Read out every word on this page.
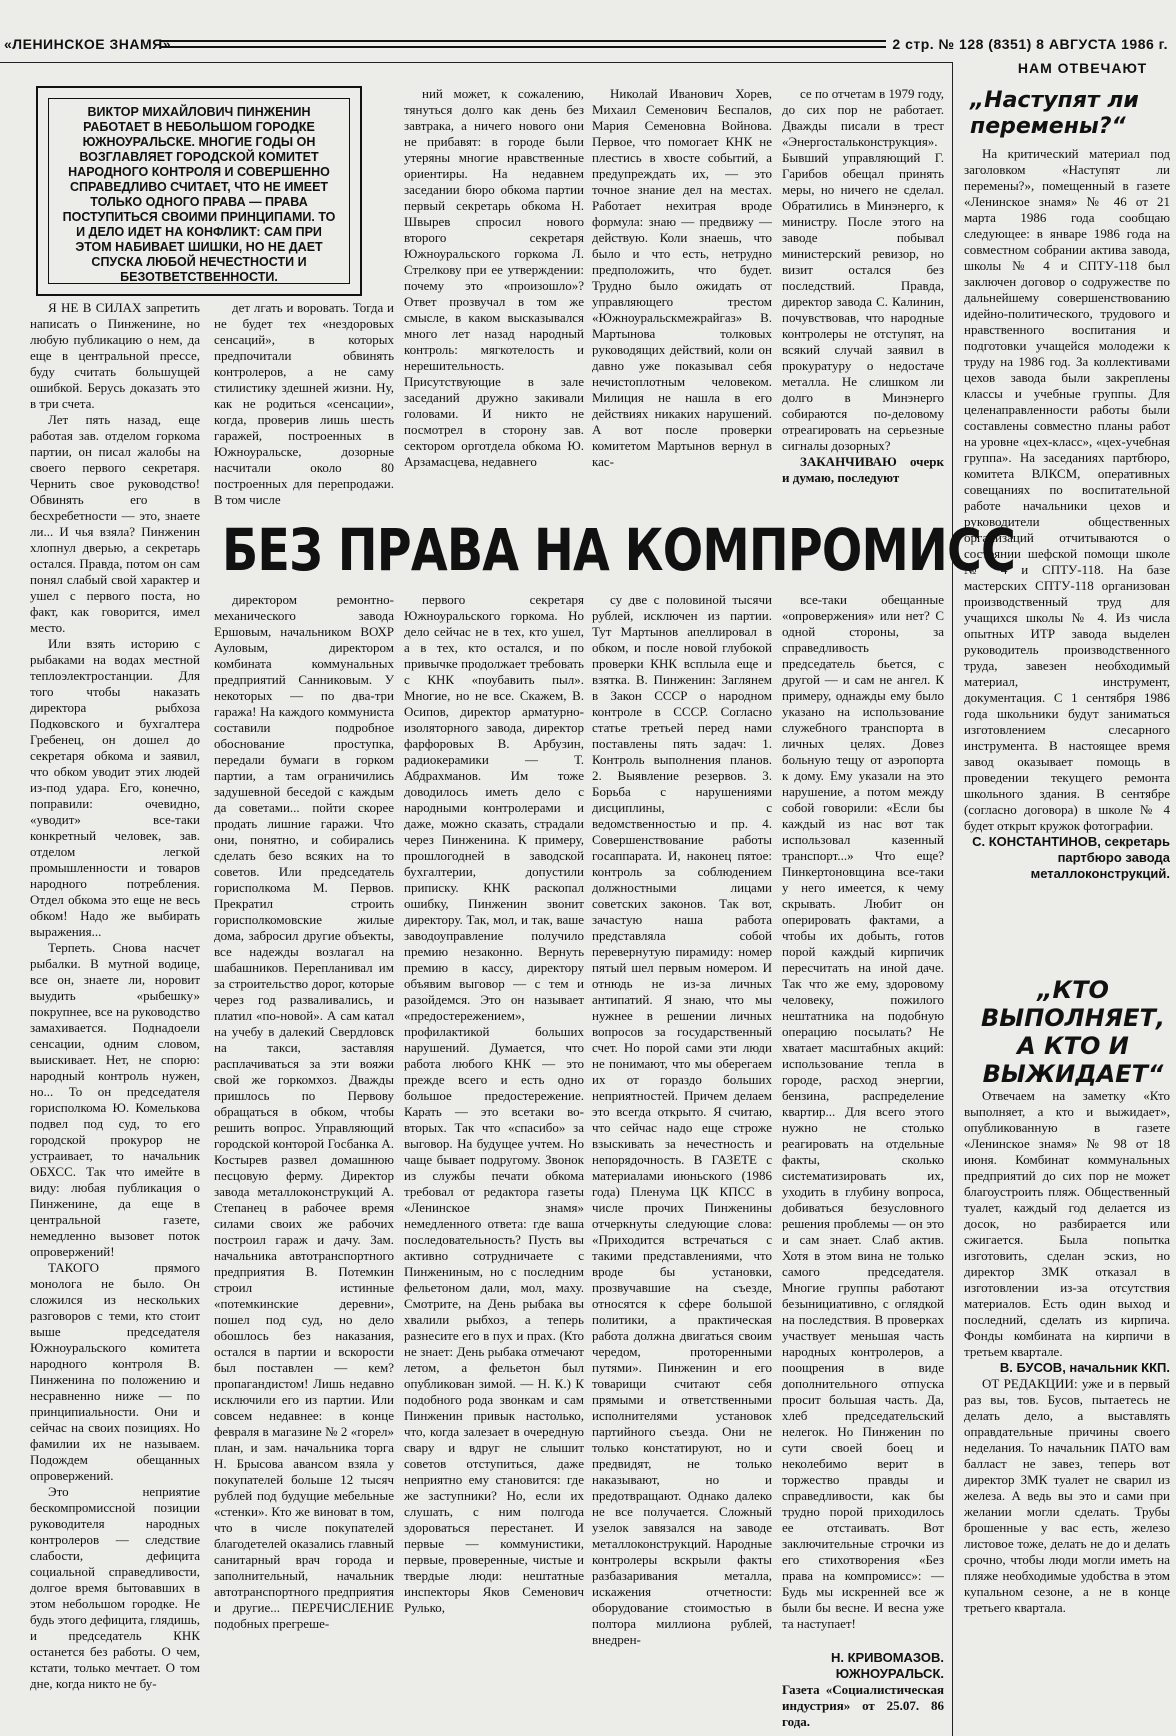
«ЛЕНИНСКОЕ ЗНАМЯ»	2 стр. № 128 (8351) 8 АВГУСТА 1986 г.
ВИКТОР МИХАЙЛОВИЧ ПИНЖЕНИН РАБОТАЕТ В НЕБОЛЬШОМ ГОРОДКЕ ЮЖНОУРАЛЬСКЕ. МНОГИЕ ГОДЫ ОН ВОЗГЛАВЛЯЕТ ГОРОДСКОЙ КОМИТЕТ НАРОДНОГО КОНТРОЛЯ И СОВЕРШЕННО СПРАВЕДЛИВО СЧИТАЕТ, ЧТО НЕ ИМЕЕТ ТОЛЬКО ОДНОГО ПРАВА — ПРАВА ПОСТУПИТЬСЯ СВОИМИ ПРИНЦИПАМИ. ТО И ДЕЛО ИДЕТ НА КОНФЛИКТ: САМ ПРИ ЭТОМ НАБИВАЕТ ШИШКИ, НО НЕ ДАЕТ СПУСКА ЛЮБОЙ НЕЧЕСТНОСТИ И БЕЗОТВЕТСТВЕННОСТИ.

Я НЕ В СИЛАХ запретить написать о Пинженине, но любую публикацию о нем, да еще в центральной прессе, буду считать большущей ошибкой. Берусь доказать это в три счета.

Лет пять назад, еще работая зав. отделом горкома партии, он писал жалобы на своего первого секретаря. Чернить свое руководство! Обвинять его в бесхребетности — это, знаете ли... И чья взяла? Пинженин хлопнул дверью, а секретарь остался. Правда, потом он сам понял слабый свой характер и ушел с первого поста, но факт, как говорится, имел место.

Или взять историю с рыбаками на водах местной теплоэлектростанции. Для того чтобы наказать директора рыбхоза Подковского и бухгалтера Гребенец, он дошел до секретаря обкома и заявил, что обком уводит этих людей из-под удара. Его, конечно, поправили: очевидно, «уводит» все-таки конкретный человек, зав. отделом легкой промышленности и товаров народного потребления. Отдел обкома это еще не весь обком! Надо же выбирать выражения...

Терпеть. Снова насчет рыбалки. В мутной водице, все он, знаете ли, норовит выудить «рыбешку» покрупнее, все на руководство замахивается. Поднадоели сенсации, одним словом, выискивает. Нет, не спорю: народный контроль нужен, но... То он председателя горисполкома Ю. Комелькова подвел под суд, то его городской прокурор не устраивает, то начальник ОБХСС. Так что имейте в виду: любая публикация о Пинженине, да еще в центральной газете, немедленно вызовет поток опровержений!

ТАКОГО прямого монолога не было. Он сложился из нескольких разговоров с теми, кто стоит выше председателя Южноуральского комитета народного контроля В. Пинженина по положению и несравненно ниже — по принципиальности. Они и сейчас на своих позициях. Но фамилии их не называем. Подождем обещанных опровержений.

Это неприятие бескомпромиссной позиции руководителя народных контролеров — следствие слабости, дефицита социальной справедливости, долгое время бытовавших в этом небольшом городке. Не будь этого дефицита, глядишь, и председатель КНК останется без работы. О чем, кстати, только мечтает. О том дне, когда никто не бу-

дет лгать и воровать. Тогда и не будет тех «нездоровых сенсаций», в которых предпочитали обвинять контролеров, а не саму стилистику здешней жизни. Ну, как не родиться «сенсации», когда, проверив лишь шесть гаражей, построенных в Южноуральске, дозорные насчитали около 80 построенных для перепродажи. В том числе

ний может, к сожалению, тянуться долго как день без завтрака, а ничего нового они не прибавят: в городе были утеряны многие нравственные ориентиры. На недавнем заседании бюро обкома партии первый секретарь обкома Н. Швырев спросил нового второго секретаря Южноуральского горкома Л. Стрелкову при ее утверждении: почему это «произошло»? Ответ прозвучал в том же смысле, в каком высказывался много лет назад народный контроль: мягкотелость и нерешительность. Присутствующие в зале заседаний дружно закивали головами. И никто не посмотрел в сторону зав. сектором орготдела обкома Ю. Арзамасцева, недавнего

Николай Иванович Хорев, Михаил Семенович Беспалов, Мария Семеновна Войнова. Первое, что помогает КНК не плестись в хвосте событий, а предупреждать их, — это точное знание дел на местах. Работает нехитрая вроде формула: знаю — предвижу — действую. Коли знаешь, что было и что есть, нетрудно предположить, что будет. Трудно было ожидать от управляющего трестом «Южноуральскмежрайгаз» В. Мартынова толковых руководящих действий, коли он давно уже показывал себя нечистоплотным человеком. Милиция не нашла в его действиях никаких нарушений. А вот после проверки комитетом Мартынов вернул в кас-

се по отчетам в 1979 году, до сих пор не работает. Дважды писали в трест «Энергостальконструкция». Бывший управляющий Г. Гарибов обещал принять меры, но ничего не сделал. Обратились в Минэнерго, к министру. После этого на заводе побывал министерский ревизор, но визит остался без последствий. Правда, директор завода С. Калинин, почувствовав, что народные контролеры не отступят, на всякий случай заявил в прокуратуру о недостаче металла. Не слишком ли долго в Минэнерго собираются по-деловому отреагировать на серьезные сигналы дозорных?

ЗАКАНЧИВАЮ очерк и думаю, последуют

БЕЗ ПРАВА НА КОМПРОМИСС

директором ремонтно-механического завода Ершовым, начальником ВОХР Ауловым, директором комбината коммунальных предприятий Санниковым. У некоторых — по два-три гаража! На каждого коммуниста составили подробное обоснование проступка, передали бумаги в горком партии, а там ограничились задушевной беседой с каждым да советами... пойти скорее продать лишние гаражи. Что они, понятно, и собирались сделать безо всяких на то советов. Или председатель горисполкома М. Первов. Прекратил строить горисполкомовские жилые дома, забросил другие объекты, все надежды возлагал на шабашников. Перепланивал им за строительство дорог, которые через год разваливались, и платил «по-новой». А сам катал на учебу в далекий Свердловск на такси, заставляя расплачиваться за эти вояжи свой же горкомхоз. Дважды пришлось по Первову обращаться в обком, чтобы решить вопрос. Управляющий городской конторой Госбанка А. Костырев развел домашнюю песцовую ферму. Директор завода металлоконструкций А. Степанец в рабочее время силами своих же рабочих построил гараж и дачу. Зам. начальника автотранспортного предприятия В. Потемкин строил истинные «потемкинские деревни», пошел под суд, но дело обошлось без наказания, остался в партии и вскорости был поставлен — кем? пропагандистом! Лишь недавно исключили его из партии. Или совсем недавнее: в конце февраля в магазине № 2 «горел» план, и зам. начальника торга Н. Брысова авансом взяла у покупателей больше 12 тысяч рублей под будущие мебельные «стенки». Кто же виноват в том, что в числе покупателей благодетелей оказались главный санитарный врач города и заполнительный, начальник автотранспортного предприятия и другие... ПЕРЕЧИСЛЕНИЕ подобных прегреше-

первого секретаря Южноуральского горкома. Но дело сейчас не в тех, кто ушел, а в тех, кто остался, и по привычке продолжает требовать с КНК «поубавить пыл». Многие, но не все. Скажем, В. Осипов, директор арматурно-изоляторного завода, директор фарфоровых В. Арбузин, радиокерамики — Т. Абдрахманов. Им тоже доводилось иметь дело с народными контролерами и даже, можно сказать, страдали через Пинженина. К примеру, прошлогодней в заводской бухгалтерии, допустили приписку. КНК раскопал ошибку, Пинженин звонит директору. Так, мол, и так, ваше заводоуправление получило премию незаконно. Вернуть премию в кассу, директору объявим выговор — с тем и разойдемся. Это он называет «предостережением», профилактикой больших нарушений. Думается, что работа любого КНК — это прежде всего и есть одно большое предостережение. Карать — это всетаки во-вторых. Так что «спасибо» за выговор. На будущее учтем. Но чаще бывает подругому. Звонок из службы печати обкома требовал от редактора газеты «Ленинское знамя» немедленного ответа: где ваша последовательность? Пусть вы активно сотрудничаете с Пинжениным, но с последним фельетоном дали, мол, маху. Смотрите, на День рыбака вы хвалили рыбхоз, а теперь разнесите его в пух и прах. (Кто не знает: День рыбака отмечают летом, а фельетон был опубликован зимой. — Н. К.) К подобного рода звонкам и сам Пинженин привык настолько, что, когда залезает в очередную свару и вдруг не слышит советов отступиться, даже неприятно ему становится: где же заступники? Но, если их слушать, с ним полгода здороваться перестанет. И первые — коммунистики, первые, проверенные, чистые и твердые люди: нештатные инспекторы Яков Семенович Рулько,

су две с половиной тысячи рублей, исключен из партии. Тут Мартынов апеллировал в обком, и после новой глубокой проверки КНК всплыла еще и взятка. В. Пинженин: Заглянем в Закон СССР о народном контроле в СССР. Согласно статье третьей перед нами поставлены пять задач: 1. Контроль выполнения планов. 2. Выявление резервов. 3. Борьба с нарушениями дисциплины, с ведомственностью и пр. 4. Совершенствование работы госаппарата. И, наконец пятое: контроль за соблюдением должностными лицами советских законов. Так вот, зачастую наша работа представляла собой перевернутую пирамиду: номер пятый шел первым номером. И отнюдь не из-за личных антипатий. Я знаю, что мы нужнее в решении личных вопросов за государственный счет. Но порой сами эти люди не понимают, что мы оберегаем их от гораздо больших неприятностей. Причем делаем это всегда открыто. Я считаю, что сейчас надо еще строже взыскивать за нечестность и непорядочность. В ГАЗЕТЕ с материалами июньского (1986 года) Пленума ЦК КПСС в числе прочих Пинженины отчеркнуты следующие слова: «Приходится встречаться с такими представлениями, что вроде бы установки, прозвучавшие на съезде, относятся к сфере большой политики, а практическая работа должна двигаться своим чередом, проторенными путями». Пинженин и его товарищи считают себя прямыми и ответственными исполнителями установок партийного съезда. Они не только констатируют, но и предвидят, не только наказывают, но и предотвращают. Однако далеко не все получается. Сложный узелок завязался на заводе металлоконструкций. Народные контролеры вскрыли факты разбазаривания металла, искажения отчетности: оборудование стоимостью в полтора миллиона рублей, внедрен-

все-таки обещанные «опровержения» или нет? С одной стороны, за справедливость председатель бьется, с другой — и сам не ангел. К примеру, однажды ему было указано на использование служебного транспорта в личных целях. Довез больную тещу от аэропорта к дому. Ему указали на это нарушение, а потом между собой говорили: «Если бы каждый из нас вот так использовал казенный транспорт...» Что еще? Пинкертоновщина все-таки у него имеется, к чему скрывать. Любит он оперировать фактами, а чтобы их добыть, готов порой каждый кирпичик пересчитать на иной даче. Так что же ему, здоровому человеку, пожилого нештатника на подобную операцию посылать? Не хватает масштабных акций: использование тепла в городе, расход энергии, бензина, распределение квартир... Для всего этого нужно не столько реагировать на отдельные факты, сколько систематизировать их, уходить в глубину вопроса, добиваться безусловного решения проблемы — он это и сам знает. Слаб актив. Хотя в этом вина не только самого председателя. Многие группы работают безынициативно, с оглядкой на последствия. В проверках участвует меньшая часть народных контролеров, а поощрения в виде дополнительного отпуска просит большая часть. Да, хлеб председательский нелегок. Но Пинженин по сути своей боец и неколебимо верит в торжество правды и справедливости, как бы трудно порой приходилось ее отстаивать. Вот заключительные строчки из его стихотворения «Без права на компромисс»: — Будь мы искренней все ж были бы весне. И весна уже та наступает!

Н. КРИВОМАЗОВ. ЮЖНОУРАЛЬСК.

Газета «Социалистическая индустрия» от 25.07. 86 года.

НАМ ОТВЕЧАЮТ
„Наступят ли перемены?“

На критический материал под заголовком «Наступят ли перемены?», помещенный в газете «Ленинское знамя» № 46 от 21 марта 1986 года сообщаю следующее: в январе 1986 года на совместном собрании актива завода, школы № 4 и СПТУ-118 был заключен договор о содружестве по дальнейшему совершенствованию идейно-политического, трудового и нравственного воспитания и подготовки учащейся молодежи к труду на 1986 год. За коллективами цехов завода были закреплены классы и учебные группы. Для целенаправленности работы были составлены совместно планы работ на уровне «цех-класс», «цех-учебная группа». На заседаниях партбюро, комитета ВЛКСМ, оперативных совещаниях по воспитательной работе начальники цехов и руководители общественных организаций отчитываются о состоянии шефской помощи школе № 4 и СПТУ-118. На базе мастерских СПТУ-118 организован производственный труд для учащихся школы № 4. Из числа опытных ИТР завода выделен руководитель производственного труда, завезен необходимый материал, инструмент, документация. С 1 сентября 1986 года школьники будут заниматься изготовлением слесарного инструмента. В настоящее время завод оказывает помощь в проведении текущего ремонта школьного здания. В сентябре (согласно договора) в школе № 4 будет открыт кружок фотографии.

С. КОНСТАНТИНОВ, секретарь партбюро завода металлоконструкций.

„КТО ВЫПОЛНЯЕТ, А КТО И ВЫЖИДАЕТ“

Отвечаем на заметку «Кто выполняет, а кто и выжидает», опубликованную в газете «Ленинское знамя» № 98 от 18 июня. Комбинат коммунальных предприятий до сих пор не может благоустроить пляж. Общественный туалет, каждый год делается из досок, но разбирается или сжигается. Была попытка изготовить, сделан эскиз, но директор ЗМК отказал в изготовлении из-за отсутствия материалов. Есть один выход и последний, сделать из кирпича. Фонды комбината на кирпичи в третьем квартале.

В. БУСОВ, начальник ККП.

ОТ РЕДАКЦИИ: уже и в первый раз вы, тов. Бусов, пытаетесь не делать дело, а выставлять оправдательные причины своего неделания. То начальник ПАТО вам балласт не завез, теперь вот директор ЗМК туалет не сварил из железа. А ведь вы это и сами при желании могли сделать. Трубы брошенные у вас есть, железо листовое тоже, делать не до и делать срочно, чтобы люди могли иметь на пляже необходимые удобства в этом купальном сезоне, а не в конце третьего квартала.
